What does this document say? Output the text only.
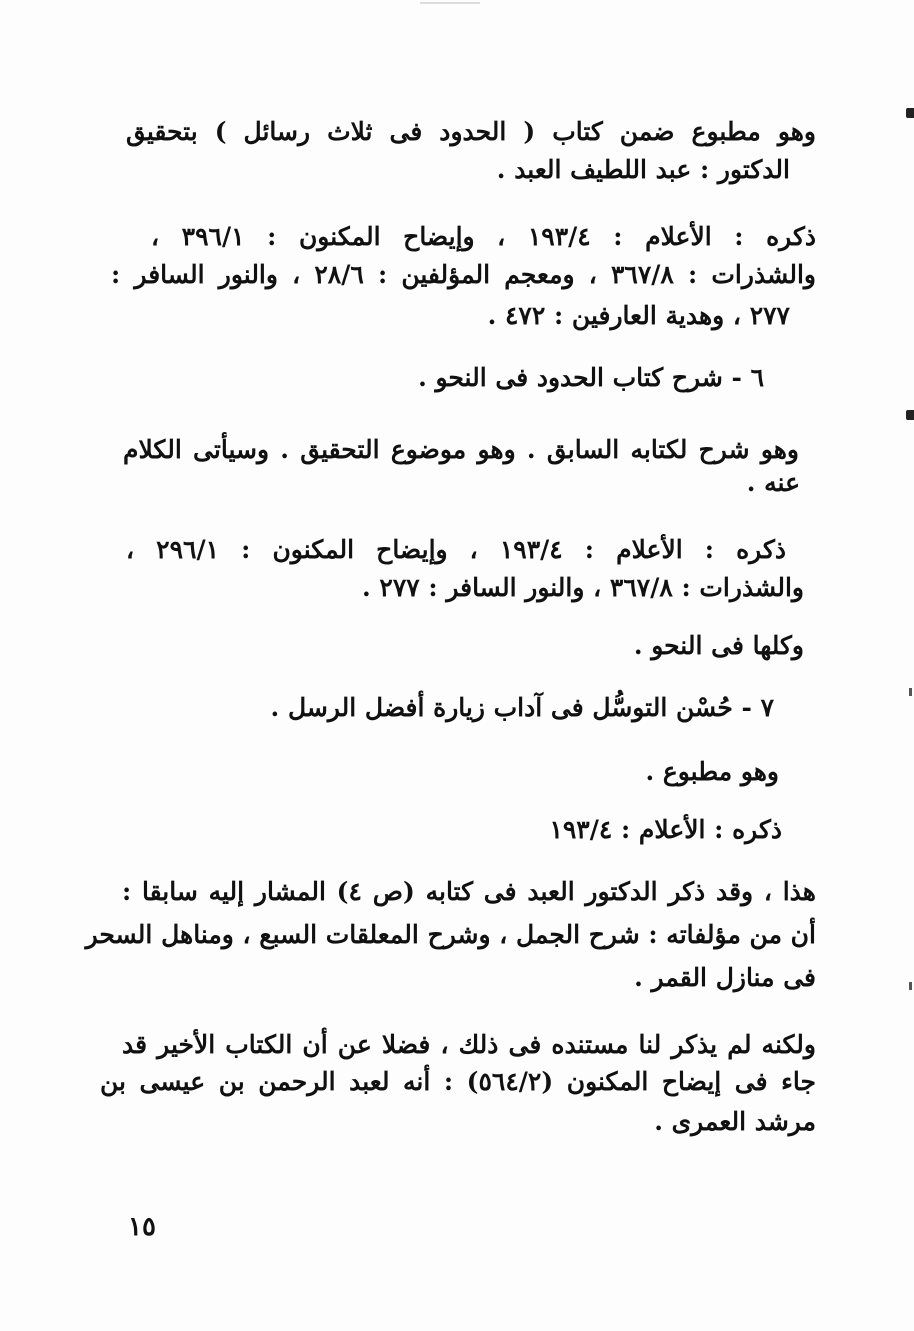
وهو مطبوع ضمن كتاب ( الحدود فى ثلاث رسائل ) بتحقيق
الدكتور : عبد اللطيف العبد .
ذكره : الأعلام : ١٩٣/٤ ، وإيضاح المكنون : ٣٩٦/١ ،
والشذرات : ٣٦٧/٨ ، ومعجم المؤلفين : ٢٨/٦ ، والنور السافر :
٢٧٧ ، وهدية العارفين : ٤٧٢ .
٦ - شرح كتاب الحدود فى النحو .
وهو شرح لكتابه السابق . وهو موضوع التحقيق . وسيأتى الكلام
عنه .
ذكره : الأعلام : ١٩٣/٤ ، وإيضاح المكنون : ٢٩٦/١ ،
والشذرات : ٣٦٧/٨ ، والنور السافر : ٢٧٧ .
وكلها فى النحو .
٧ - حُسْن التوسُّل فى آداب زيارة أفضل الرسل .
وهو مطبوع .
ذكره : الأعلام : ١٩٣/٤
هذا ، وقد ذكر الدكتور العبد فى كتابه (ص ٤) المشار إليه سابقا :
أن من مؤلفاته : شرح الجمل ، وشرح المعلقات السبع ، ومناهل السحر
فى منازل القمر .
ولكنه لم يذكر لنا مستنده فى ذلك ، فضلا عن أن الكتاب الأخير قد
جاء فى إيضاح المكنون (٥٦٤/٢) : أنه لعبد الرحمن بن عيسى بن
مرشد العمرى .
١٥
